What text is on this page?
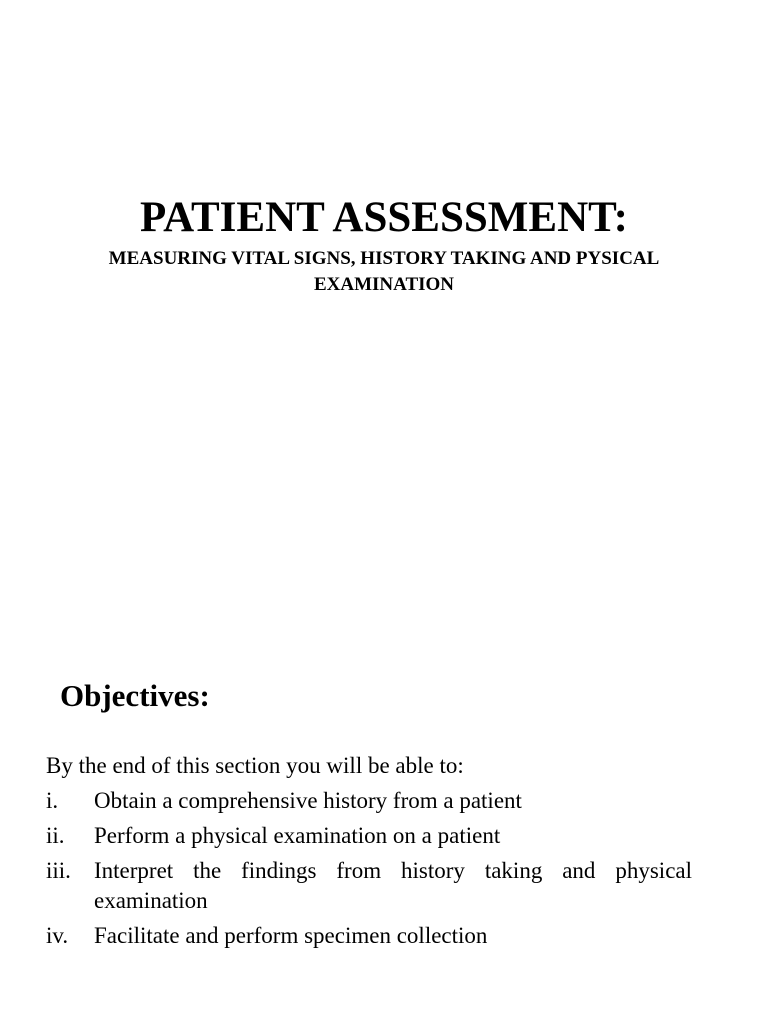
PATIENT ASSESSMENT:
MEASURING VITAL SIGNS, HISTORY TAKING AND PYSICAL EXAMINATION
Objectives:

By the end of this section you will be able to:

i.	Obtain a comprehensive history from a patient
ii.	Perform a physical examination on a patient
iii.	Interpret the findings from history taking and physical examination
iv.	Facilitate and perform specimen collection
